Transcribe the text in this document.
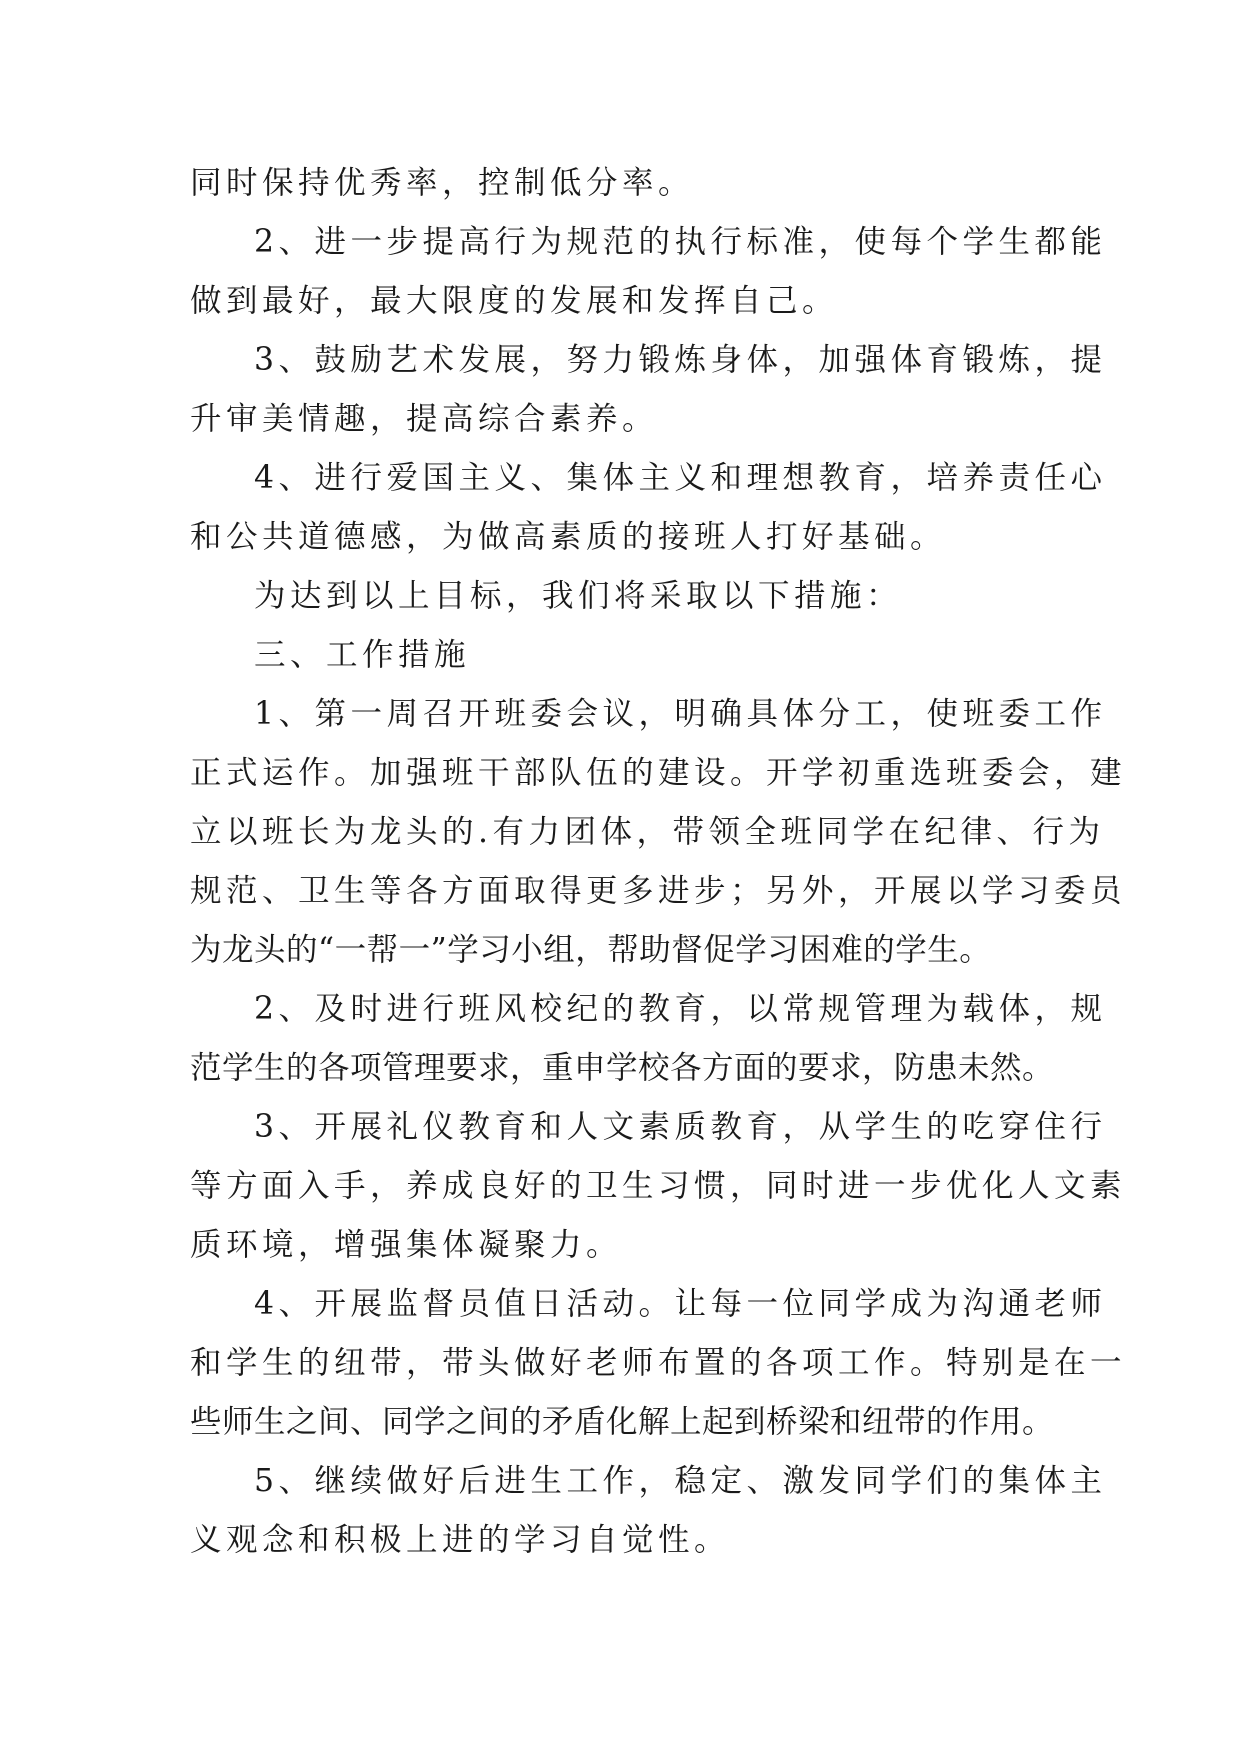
同时保持优秀率，控制低分率。
2、进一步提高行为规范的执行标准，使每个学生都能
做到最好，最大限度的发展和发挥自己。
3、鼓励艺术发展，努力锻炼身体，加强体育锻炼，提
升审美情趣，提高综合素养。
4、进行爱国主义、集体主义和理想教育，培养责任心
和公共道德感，为做高素质的接班人打好基础。
为达到以上目标，我们将采取以下措施：
三、工作措施
1、第一周召开班委会议，明确具体分工，使班委工作
正式运作。加强班干部队伍的建设。开学初重选班委会，建
立以班长为龙头的.有力团体，带领全班同学在纪律、行为
规范、卫生等各方面取得更多进步；另外，开展以学习委员
为龙头的“一帮一”学习小组，帮助督促学习困难的学生。
2、及时进行班风校纪的教育，以常规管理为载体，规
范学生的各项管理要求，重申学校各方面的要求，防患未然。
3、开展礼仪教育和人文素质教育，从学生的吃穿住行
等方面入手，养成良好的卫生习惯，同时进一步优化人文素
质环境，增强集体凝聚力。
4、开展监督员值日活动。让每一位同学成为沟通老师
和学生的纽带，带头做好老师布置的各项工作。特别是在一
些师生之间、同学之间的矛盾化解上起到桥梁和纽带的作用。
5、继续做好后进生工作，稳定、激发同学们的集体主
义观念和积极上进的学习自觉性。
